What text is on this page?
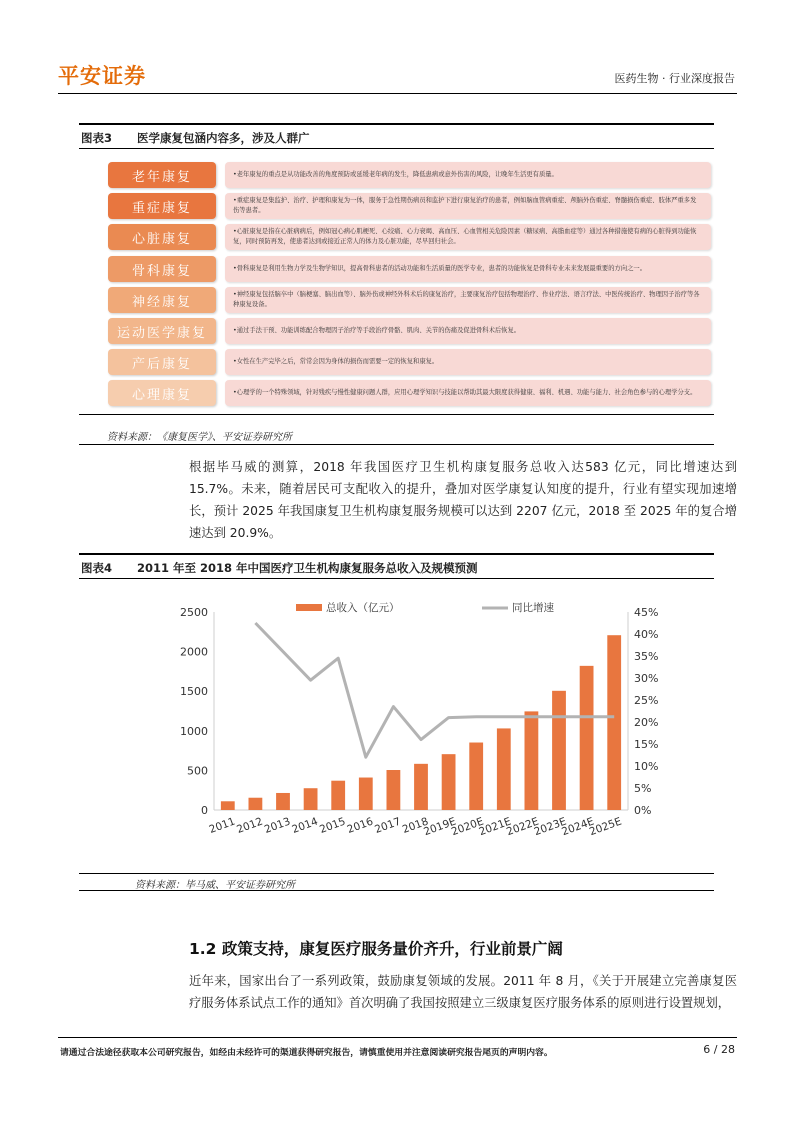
平安证券	医药生物 · 行业深度报告
图表3 医学康复包涵内容多，涉及人群广
老年康复	•老年康复的重点是从功能改善的角度预防或延缓老年病的发生，降低患病或意外伤害的风险，让晚年生活更有质量。
重症康复	•重症康复是集监护、治疗、护理和康复为一体，服务于急性期伤病员和监护下进行康复治疗的患者，例如脑血管病重症、颅脑外伤重症、脊髓损伤重症、肢体严重多发伤等患者。
心脏康复	•心脏康复是指在心脏病病后，例如冠心病心肌梗死、心绞痛、心力衰竭、高血压、心血管相关危险因素（糖尿病、高脂血症等）通过各种措施使有病的心脏得到功能恢复，同时预防再发，使患者达到或接近正常人的体力及心脏功能，尽早回归社会。
骨科康复	•骨科康复是利用生物力学及生物学知识，提高骨科患者的活动功能和生活质量的医学专业，患者的功能恢复是骨科专业未来发展最重要的方向之一。
神经康复	•神经康复包括脑卒中（脑梗塞、脑出血等）、脑外伤或神经外科术后的康复治疗，主要康复治疗包括物理治疗、作业疗法、语言疗法、中医传统治疗、物理因子治疗等各种康复设备。
运动医学康复	•通过手法干预、功能训练配合物理因子治疗等手段治疗骨骼、肌肉、关节的伤痛及促进骨科术后恢复。
产后康复	•女性在生产完毕之后，常常会因为身体的损伤而需要一定的恢复和康复。
心理康复	•心理学的一个特殊领域，针对残疾与慢性健康问题人群，应用心理学知识与技能以帮助其最大限度获得健康、福利、机遇、功能与能力、社会角色参与的心理学分支。
资料来源：《康复医学》、平安证券研究所
根据毕马威的测算，2018 年我国医疗卫生机构康复服务总收入达583 亿元，同比增速达到 15.7%。未来，随着居民可支配收入的提升，叠加对医学康复认知度的提升，行业有望实现加速增长，预计 2025 年我国康复卫生机构康复服务规模可以达到 2207 亿元，2018 至 2025 年的复合增速达到 20.9%。
图表4 2011 年至 2018 年中国医疗卫生机构康复服务总收入及规模预测
0
500
1000
1500
2000
2500
0%
5%
10%
15%
20%
25%
30%
35%
40%
45%
2011
2012
2013
2014
2015
2016
2017
2018
2019E
2020E
2021E
2022E
2023E
2024E
2025E
总收入（亿元）	同比增速
资料来源：毕马威、平安证券研究所
1.2 政策支持，康复医疗服务量价齐升，行业前景广阔
近年来，国家出台了一系列政策，鼓励康复领域的发展。2011 年 8 月，《关于开展建立完善康复医疗服务体系试点工作的通知》首次明确了我国按照建立三级康复医疗服务体系的原则进行设置规划，
请通过合法途径获取本公司研究报告，如经由未经许可的渠道获得研究报告，请慎重使用并注意阅读研究报告尾页的声明内容。	6 / 28
